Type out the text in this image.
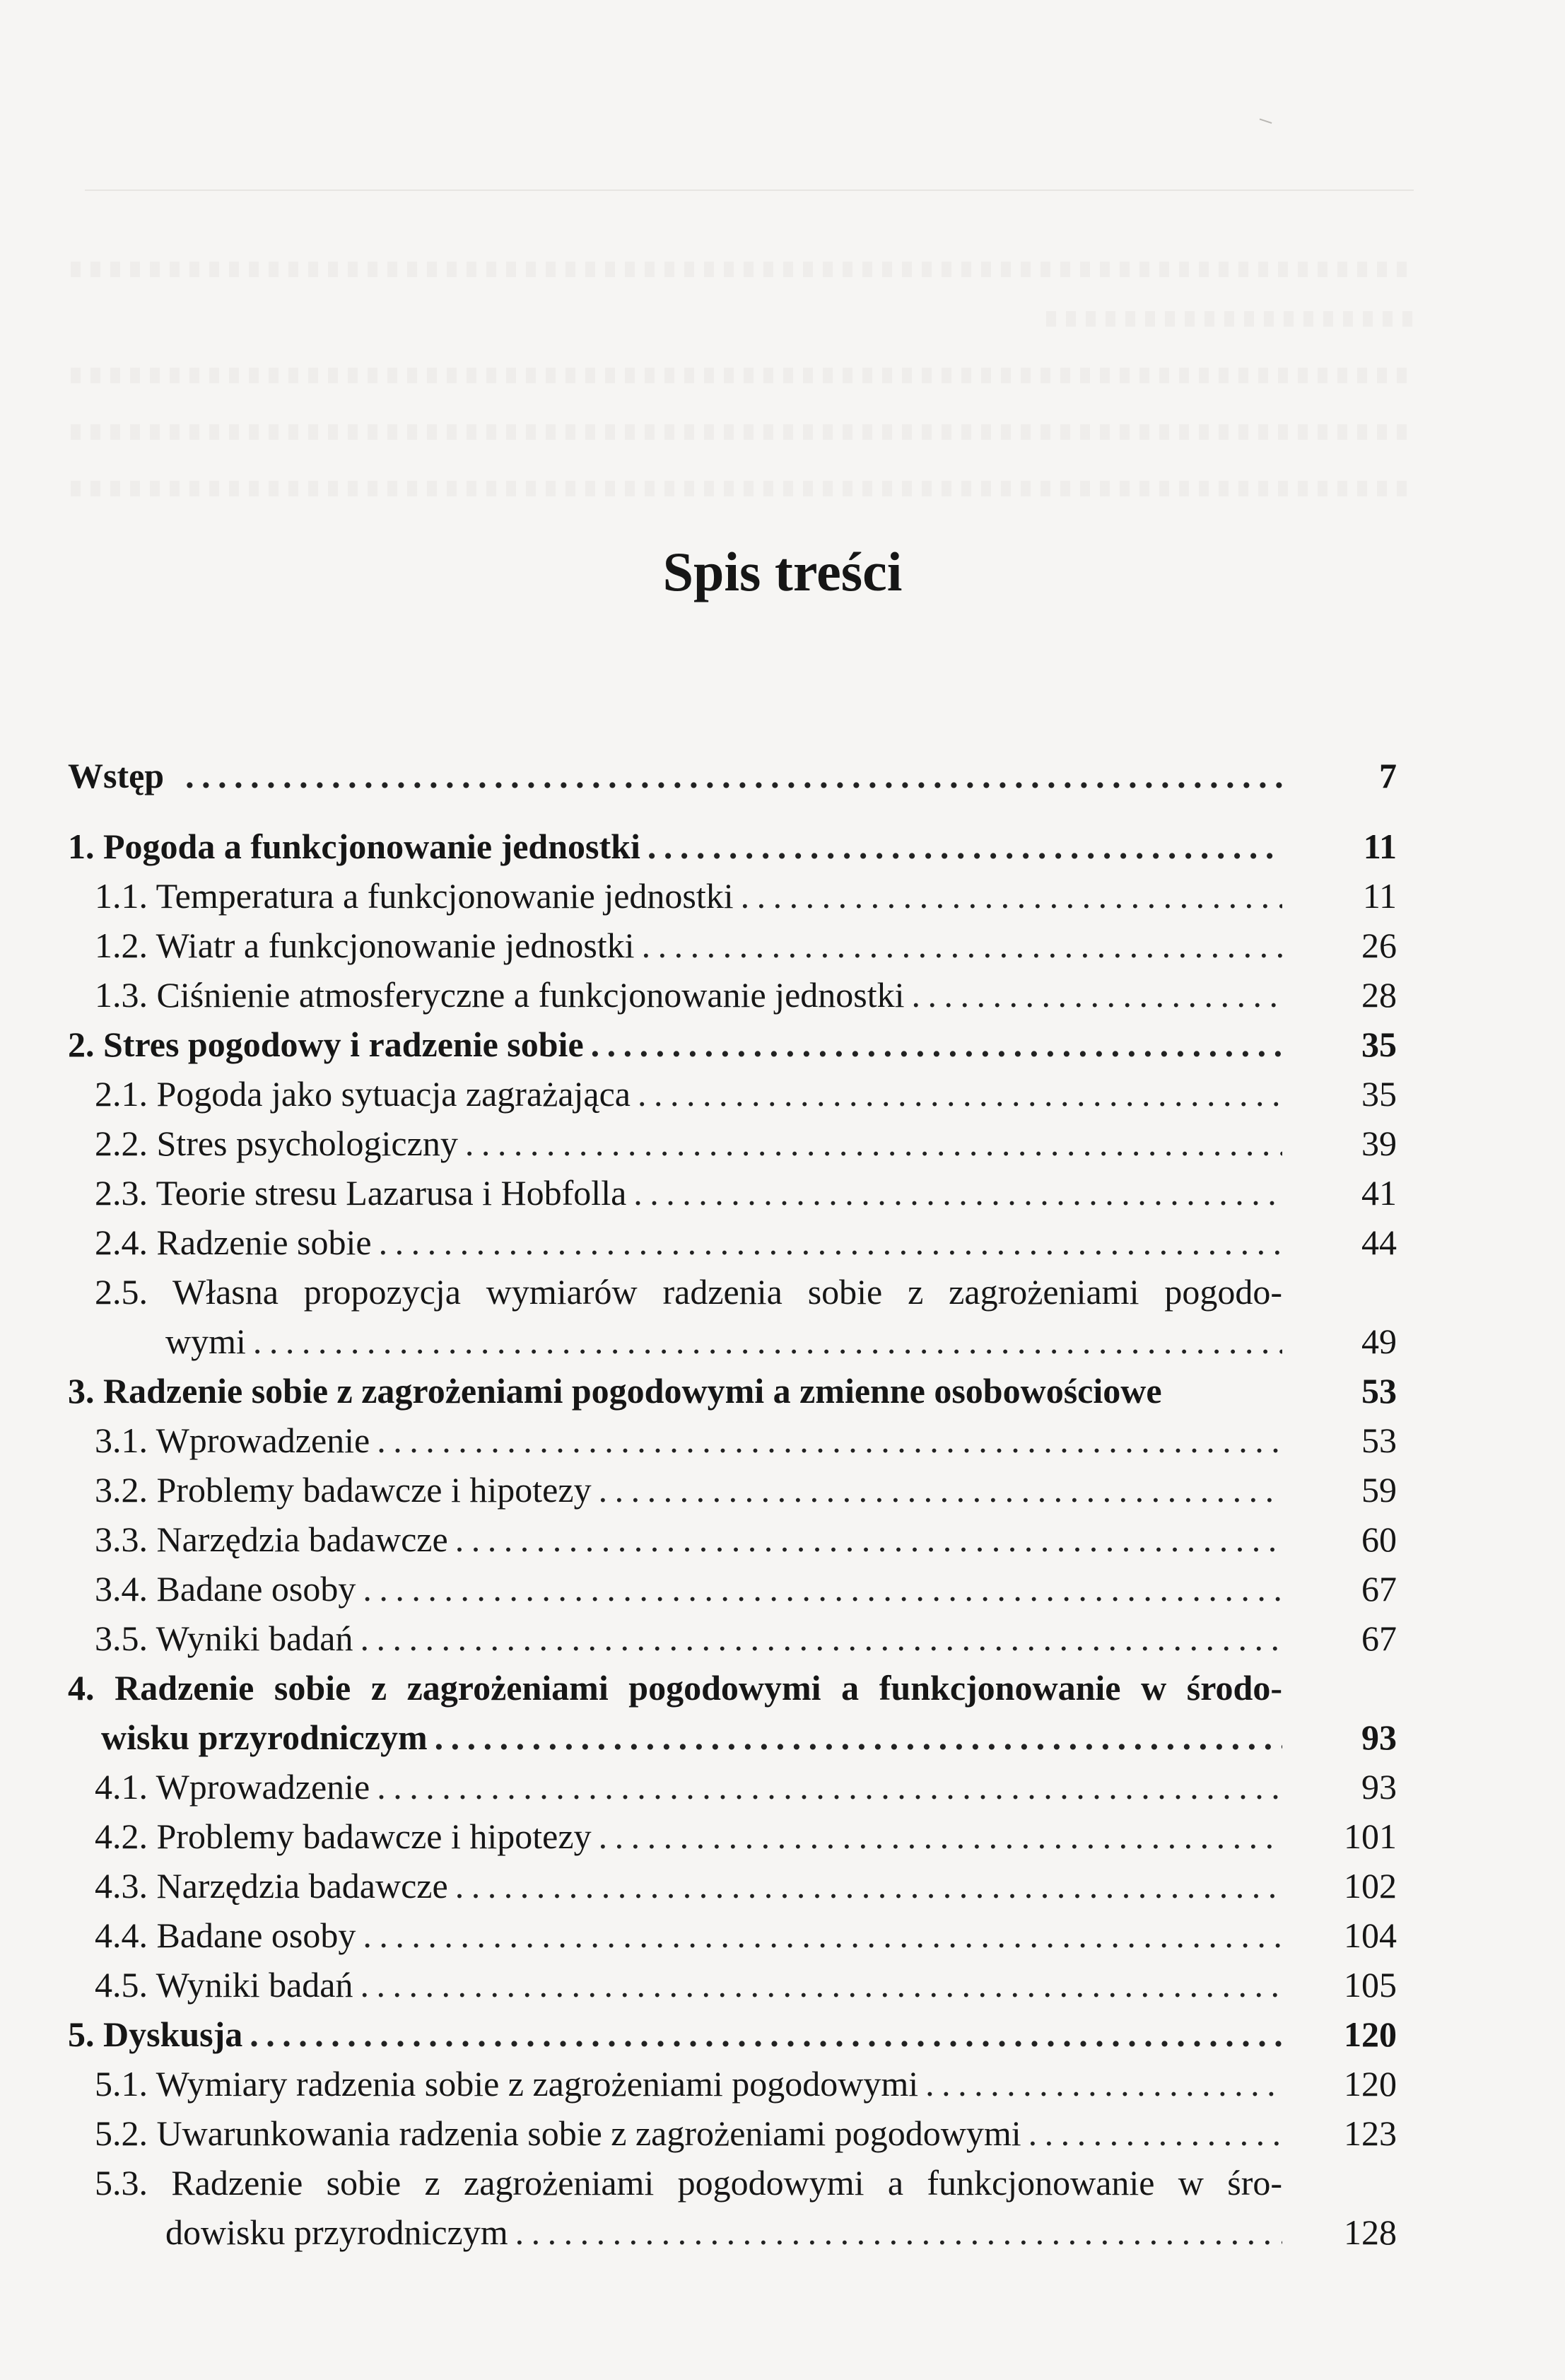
Spis treści
Wstęp . . .	7
1. Pogoda a funkcjonowanie jednostki . . .	11
1.1. Temperatura a funkcjonowanie jednostki . . .	11
1.2. Wiatr a funkcjonowanie jednostki . . .	26
1.3. Ciśnienie atmosferyczne a funkcjonowanie jednostki . . .	28
2. Stres pogodowy i radzenie sobie . . .	35
2.1. Pogoda jako sytuacja zagrażająca . . .	35
2.2. Stres psychologiczny . . .	39
2.3. Teorie stresu Lazarusa i Hobfolla . . .	41
2.4. Radzenie sobie . . .	44
2.5. Własna propozycja wymiarów radzenia sobie z zagrożeniami pogodo-
wymi . . .	49
3. Radzenie sobie z zagrożeniami pogodowymi a zmienne osobowościowe	53
3.1. Wprowadzenie . . .	53
3.2. Problemy badawcze i hipotezy . . .	59
3.3. Narzędzia badawcze . . .	60
3.4. Badane osoby . . .	67
3.5. Wyniki badań . . .	67
4. Radzenie sobie z zagrożeniami pogodowymi a funkcjonowanie w środo-
wisku przyrodniczym . . .	93
4.1. Wprowadzenie . . .	93
4.2. Problemy badawcze i hipotezy . . .	101
4.3. Narzędzia badawcze . . .	102
4.4. Badane osoby . . .	104
4.5. Wyniki badań . . .	105
5. Dyskusja . . .	120
5.1. Wymiary radzenia sobie z zagrożeniami pogodowymi . . .	120
5.2. Uwarunkowania radzenia sobie z zagrożeniami pogodowymi . . .	123
5.3. Radzenie sobie z zagrożeniami pogodowymi a funkcjonowanie w śro-
dowisku przyrodniczym . . .	128
